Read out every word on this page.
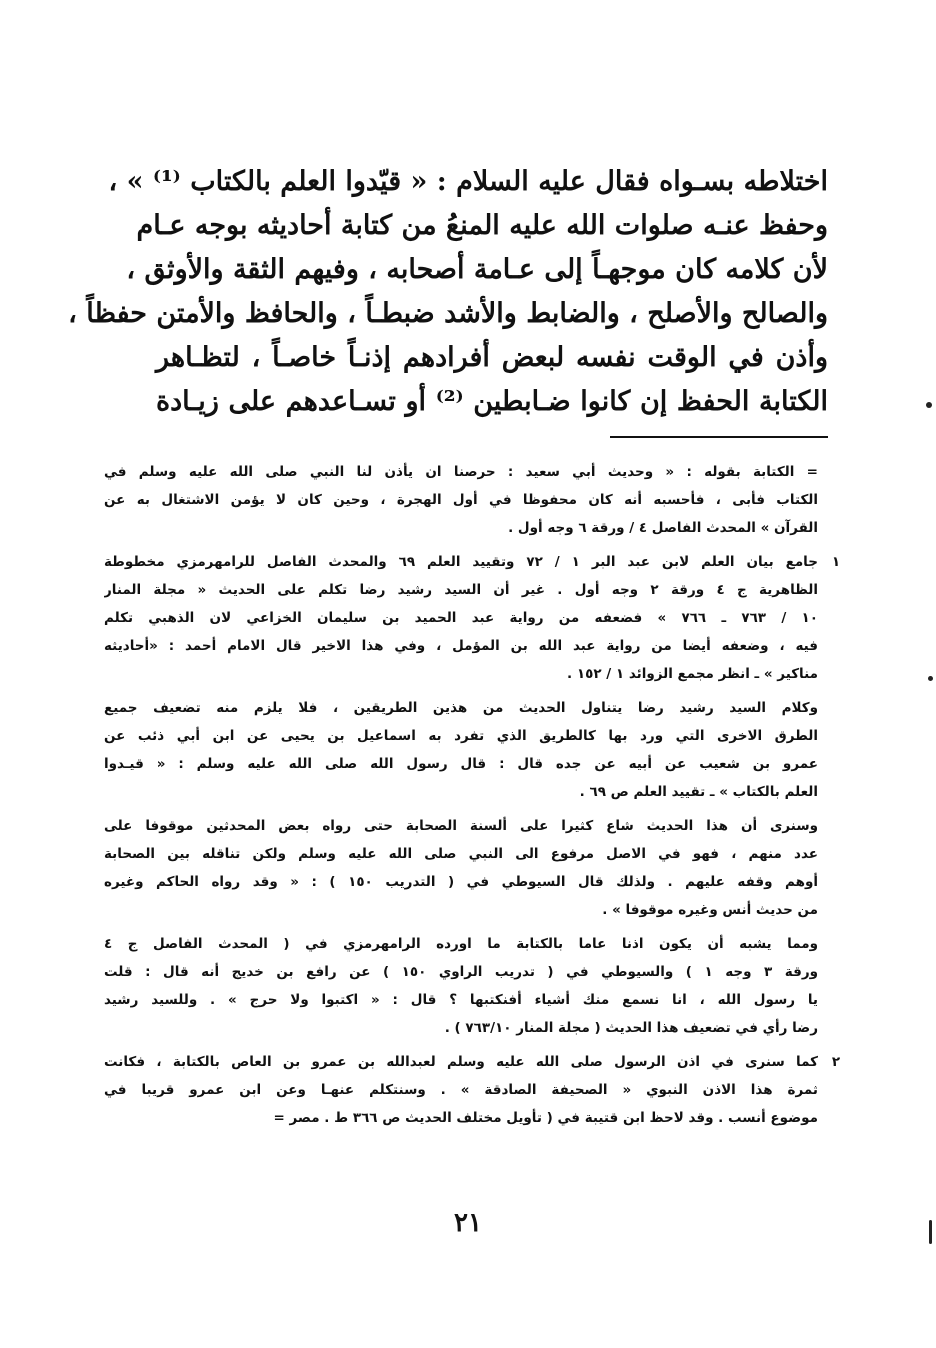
اختلاطه بسـواه فقال عليه السلام : « قيّدوا العلم بالكتاب ⁽¹⁾ » ،
وحفظ عنـه صلوات الله عليه المنعُ من كتابة أحاديثه بوجه عـام
لأن كلامه كان موجهـاً إلى عـامة أصحابه ، وفيهم الثقة والأوثق ،
والصالح والأصلح ، والضابط والأشد ضبطـاً ، والحافظ والأمتن حفظاً ،
وأذن في الوقت نفسه لبعض أفرادهم إذنـاً خاصـاً ، لتظـاهر
الكتابة الحفظ إن كانوا ضـابطين ⁽²⁾ أو تسـاعدهم على زيـادة
= الكتابة بقوله : « وحديث أبي سعيد : حرصنا ان يأذن لنا النبي صلى الله عليه وسلم في
الكتاب فأبى ، فأحسبه أنه كان محفوظا في أول الهجرة ، وحين كان لا يؤمن الاشتغال به عن
القرآن » المحدث الفاصل ٤ / ورقة ٦ وجه أول .
١
جامع بيان العلم لابن عبد البر ١ / ٧٢ وتقييد العلم ٦٩ والمحدث الفاصل للرامهرمزي مخطوطة
الظاهرية ج ٤ ورقة ٢ وجه أول . غير أن السيد رشيد رضا تكلم على الحديث « مجلة المنار
١٠ / ٧٦٣ ـ ٧٦٦ » فضعفه من رواية عبد الحميد بن سليمان الخزاعي لان الذهبي تكلم
فيه ، وضعفه أيضا من رواية عبد الله بن المؤمل ، وفي هذا الاخير قال الامام أحمد : «أحاديثه
مناكير » ـ انظر مجمع الزوائد ١ / ١٥٢ .
وكلام السيد رشيد رضا يتناول الحديث من هذين الطريقين ، فلا يلزم منه تضعيف جميع
الطرق الاخرى التي ورد بها كالطريق الذي تفرد به اسماعيل بن يحيى عن ابن أبي ذئب عن
عمرو بن شعيب عن أبيه عن جده قال : قال رسول الله صلى الله عليه وسلم : « قيـدوا
العلم بالكتاب » ـ تقييد العلم ص ٦٩ .
وسنرى أن هذا الحديث شاع كثيرا على ألسنة الصحابة حتى رواه بعض المحدثين موقوفا على
عدد منهم ، فهو في الاصل مرفوع الى النبي صلى الله عليه وسلم ولكن تناقله بين الصحابة
أوهم وقفه عليهم . ولذلك قال السيوطي في ( التدريب ١٥٠ ) : « وقد رواه الحاكم وغيره
من حديث أنس وغيره موقوفا » .
ومما يشبه أن يكون اذنا عاما بالكتابة ما اورده الرامهرمزي في ( المحدث الفاصل ج ٤
ورقة ٣ وجه ١ ) والسيوطي في ( تدريب الراوي ١٥٠ ) عن رافع بن خديج أنه قال : قلت
يا رسول الله ، انا نسمع منك أشياء أفنكتبها ؟ قال : « اكتبوا ولا حرج » . وللسيد رشيد
رضا رأي في تضعيف هذا الحديث ( مجلة المنار ٧٦٣/١٠ ) .
٢
كما سنرى في اذن الرسول صلى الله عليه وسلم لعبدالله بن عمرو بن العاص بالكتابة ، فكانت
ثمرة هذا الاذن النبوي « الصحيفة الصادقة » . وسنتكلم عنهـا وعن ابن عمرو قريبا في
موضوع أنسب . وقد لاحظ ابن قتيبة في ( تأويل مختلف الحديث ص ٣٦٦ ط . مصر =
٢١
